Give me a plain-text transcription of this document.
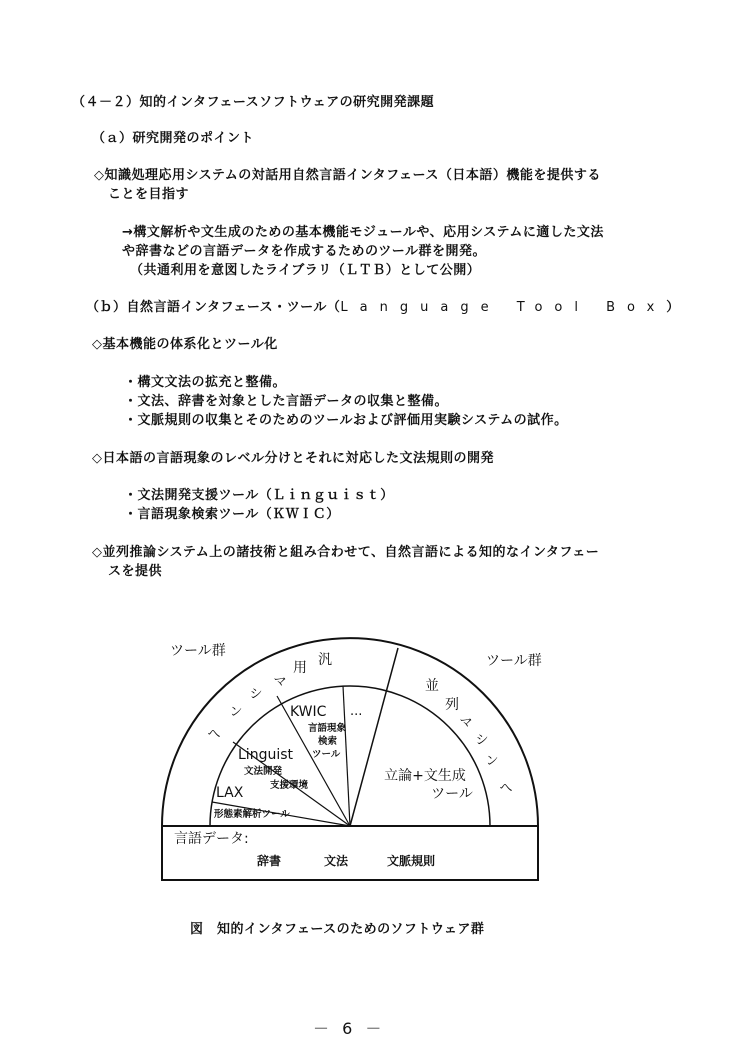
（４－２）知的インタフェースソフトウェアの研究開発課題
（ａ）研究開発のポイント
◇知識処理応用システムの対話用自然言語インタフェース（日本語）機能を提供する
ことを目指す
→構文解析や文生成のための基本機能モジュールや、応用システムに適した文法
や辞書などの言語データを作成するためのツール群を開発。
（共通利用を意図したライブラリ（ＬＴＢ）として公開）
（ｂ）自然言語インタフェース・ツール（Language Tool Box）
◇基本機能の体系化とツール化
・構文文法の拡充と整備。
・文法、辞書を対象とした言語データの収集と整備。
・文脈規則の収集とそのためのツールおよび評価用実験システムの試作。
◇日本語の言語現象のレベル分けとそれに対応した文法規則の開発
・文法開発支援ツール（Ｌｉｎｇｕｉｓｔ）
・言語現象検索ツール（ＫＷＩＣ）
◇並列推論システム上の諸技術と組み合わせて、自然言語による知的なインタフェー
スを提供
ツール群
ツール群
汎
用
マ
シ
ン
へ
並
列
マ
シ
ン
へ
KWIC
言語現象
検索
ツール
...
Linguist
文法開発
支援環境
LAX
形態素解析ツール
立論+文生成
ツール
言語データ:
辞書	文法	文脈規則
図　知的インタフェースのためのソフトウェア群
－ 6 －
